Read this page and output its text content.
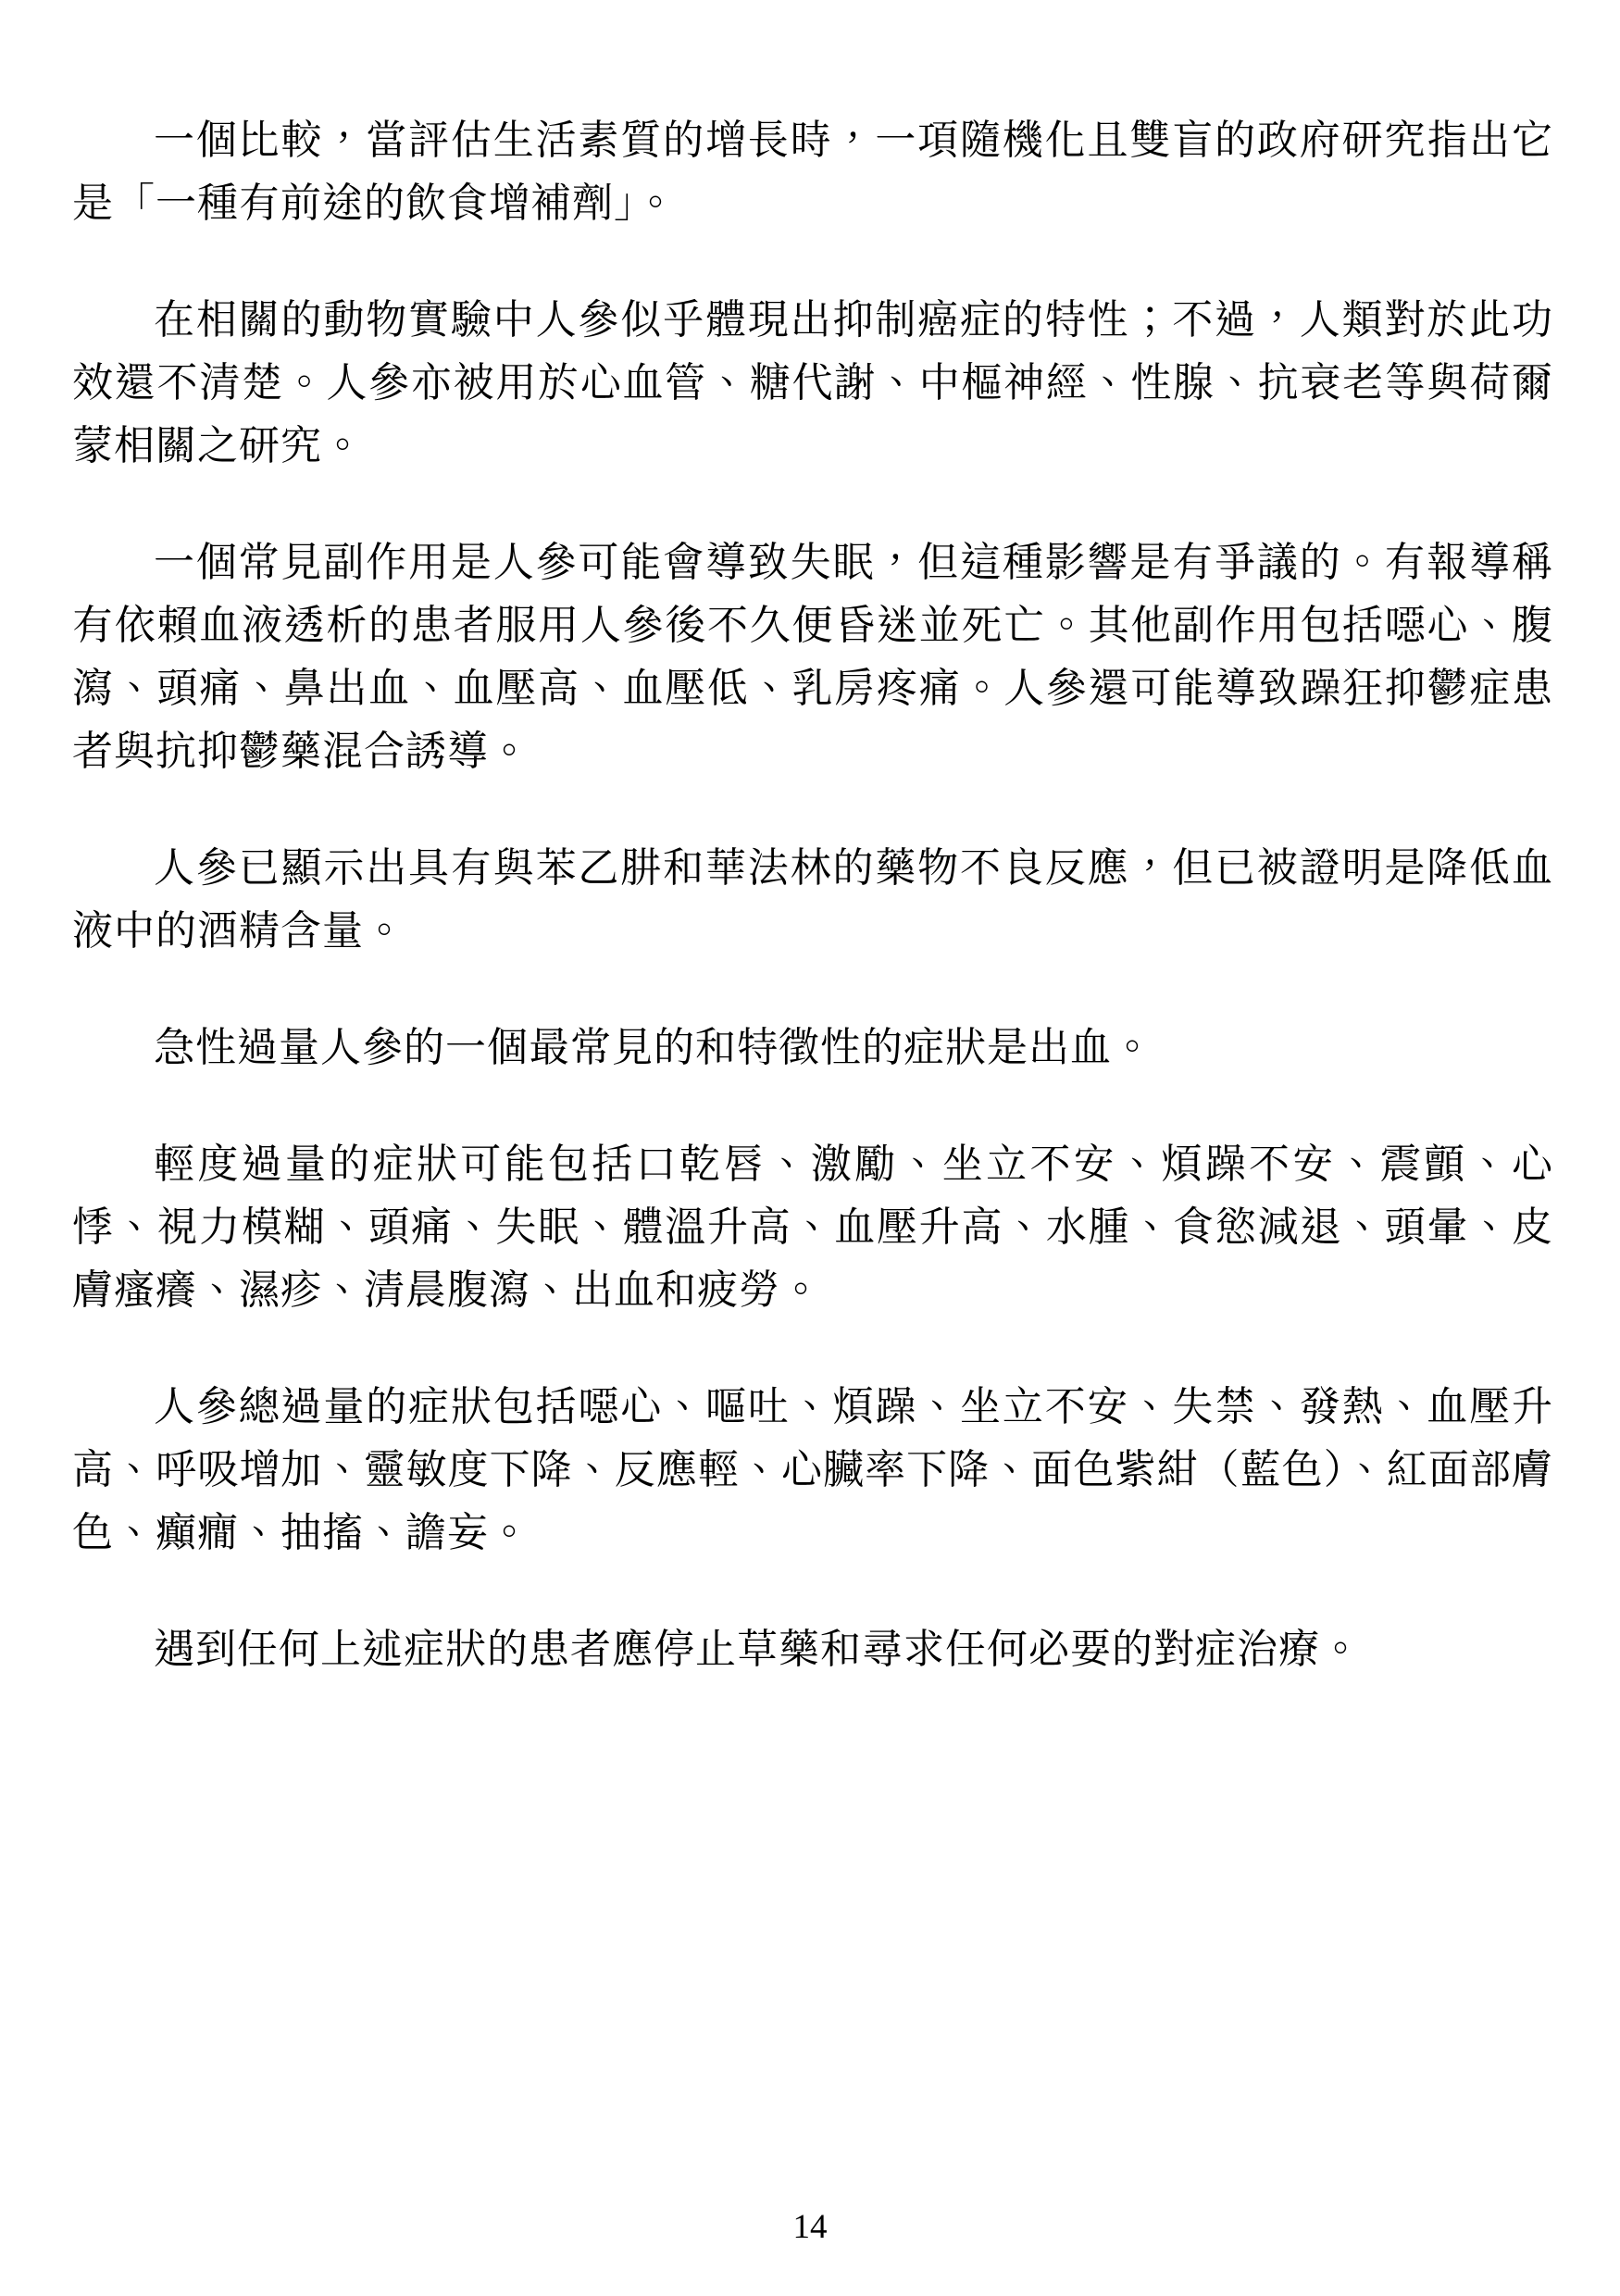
一個比較，當評估生活素質的增長時，一項隨機化且雙盲的政府研究指出它是「一種有前途的飲食增補劑」。

在相關的動物實驗中人參似乎體現出抑制癌症的特性；不過，人類對於此功效還不清楚。人參亦被用於心血管、糖代謝、中樞神經、性腺、抗衰老等與荷爾蒙相關之研究。

一個常見副作用是人參可能會導致失眠，但這種影響是有爭議的。有報導稱有依賴血液透析的患者服用人參後不久便昏迷並死亡。其他副作用包括噁心、腹瀉、頭痛、鼻出血、血壓高、血壓低、乳房疼痛。人參還可能導致躁狂抑鬱症患者與抗抑鬱藥混合誘導。

人參已顯示出具有與苯乙肼和華法林的藥物不良反應，但已被證明是降低血液中的酒精含量。

急性過量人參的一個最常見的和特徵性的症狀是出血。

輕度過量的症狀可能包括口乾唇、激勵、坐立不安、煩躁不安、震顫、心悸、視力模糊、頭痛、失眠、體溫升高、血壓升高、水腫、食慾減退、頭暈、皮膚瘙癢、濕疹、清晨腹瀉、出血和疲勞。

人參總過量的症狀包括噁心、嘔吐、煩躁、坐立不安、失禁、發熱、血壓升高、呼吸增加、靈敏度下降、反應輕、心臟率下降、面色紫紺（藍色）、紅面部膚色、癲癇、抽搐、譫妄。

遇到任何上述症狀的患者應停止草藥和尋求任何必要的對症治療。

14
